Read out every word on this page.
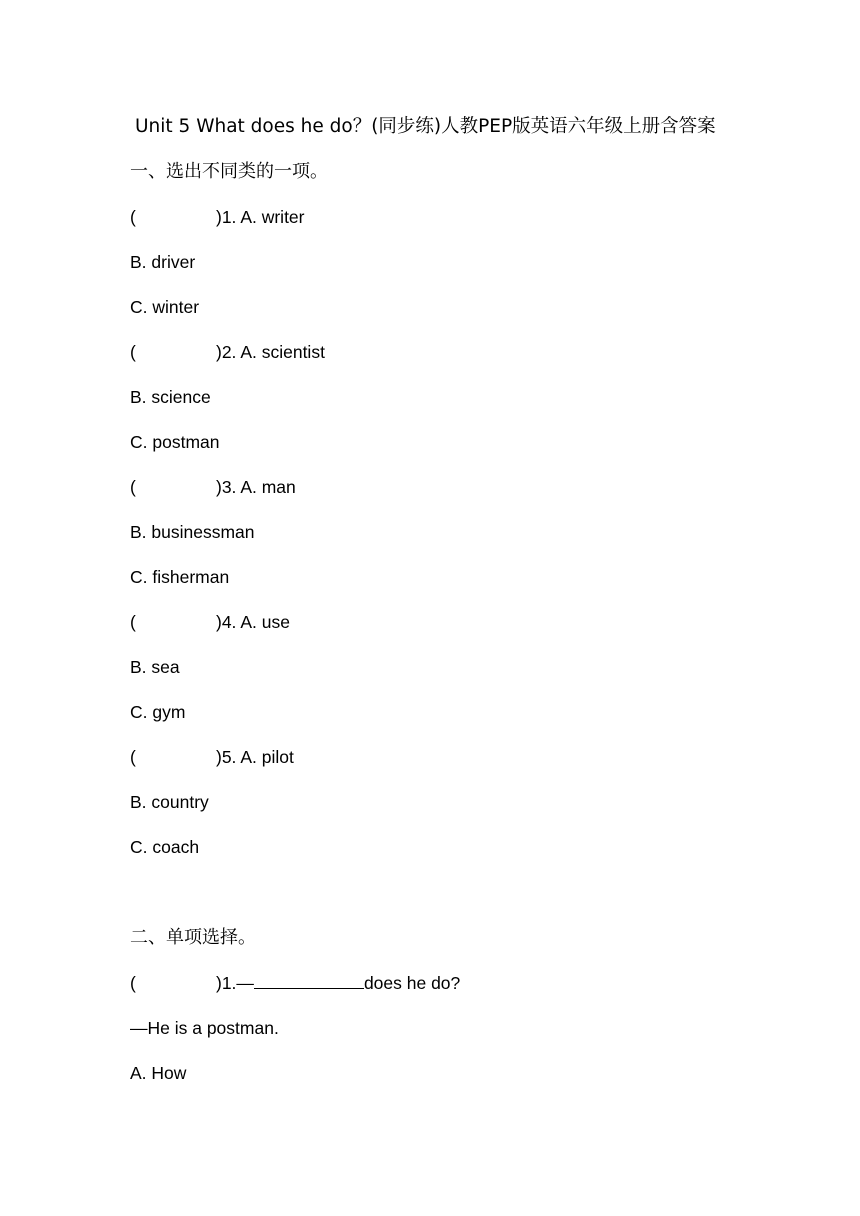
Unit 5 What does he do？(同步练)人教PEP版英语六年级上册含答案
一、选出不同类的一项。
(	)1. A. writer
B. driver
C. winter
(	)2. A. scientist
B. science
C. postman
(	)3. A. man
B. businessman
C. fisherman
(	)4. A. use
B. sea
C. gym
(	)5. A. pilot
B. country
C. coach
二、单项选择。
(	)1.—	does he do?
—He is a postman.
A. How
